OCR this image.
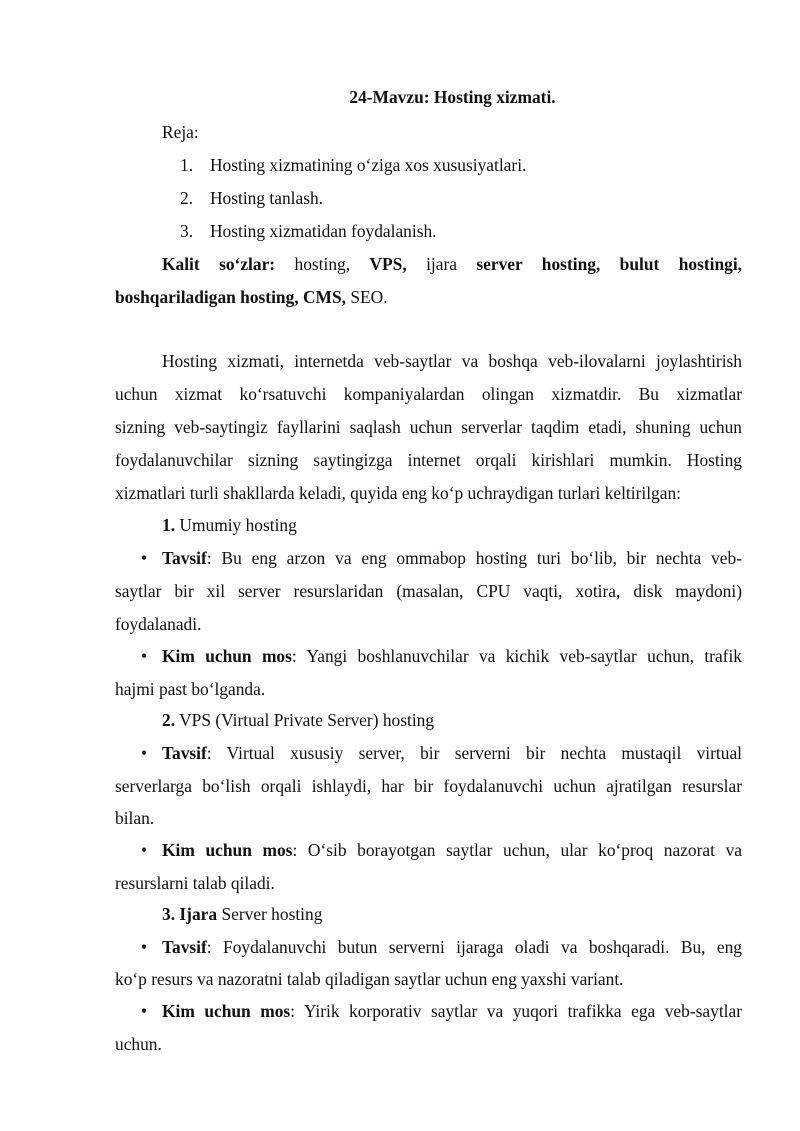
24-Mavzu: Hosting xizmati.
Reja:
1. Hosting xizmatining o‘ziga xos xususiyatlari.
2. Hosting tanlash.
3. Hosting xizmatidan foydalanish.
Kalit so‘zlar: hosting, VPS, ijara server hosting, bulut hostingi,
boshqariladigan hosting, CMS, SEO.
Hosting xizmati, internetda veb-saytlar va boshqa veb-ilovalarni joylashtirish
uchun xizmat ko‘rsatuvchi kompaniyalardan olingan xizmatdir. Bu xizmatlar
sizning veb-saytingiz fayllarini saqlash uchun serverlar taqdim etadi, shuning uchun
foydalanuvchilar sizning saytingizga internet orqali kirishlari mumkin. Hosting
xizmatlari turli shakllarda keladi, quyida eng ko‘p uchraydigan turlari keltirilgan:
1. Umumiy hosting
• Tavsif: Bu eng arzon va eng ommabop hosting turi bo‘lib, bir nechta veb-
saytlar bir xil server resurslaridan (masalan, CPU vaqti, xotira, disk maydoni)
foydalanadi.
• Kim uchun mos: Yangi boshlanuvchilar va kichik veb-saytlar uchun, trafik
hajmi past bo‘lganda.
2. VPS (Virtual Private Server) hosting
• Tavsif: Virtual xususiy server, bir serverni bir nechta mustaqil virtual
serverlarga bo‘lish orqali ishlaydi, har bir foydalanuvchi uchun ajratilgan resurslar
bilan.
• Kim uchun mos: O‘sib borayotgan saytlar uchun, ular ko‘proq nazorat va
resurslarni talab qiladi.
3. Ijara Server hosting
• Tavsif: Foydalanuvchi butun serverni ijaraga oladi va boshqaradi. Bu, eng
ko‘p resurs va nazoratni talab qiladigan saytlar uchun eng yaxshi variant.
• Kim uchun mos: Yirik korporativ saytlar va yuqori trafikka ega veb-saytlar
uchun.
